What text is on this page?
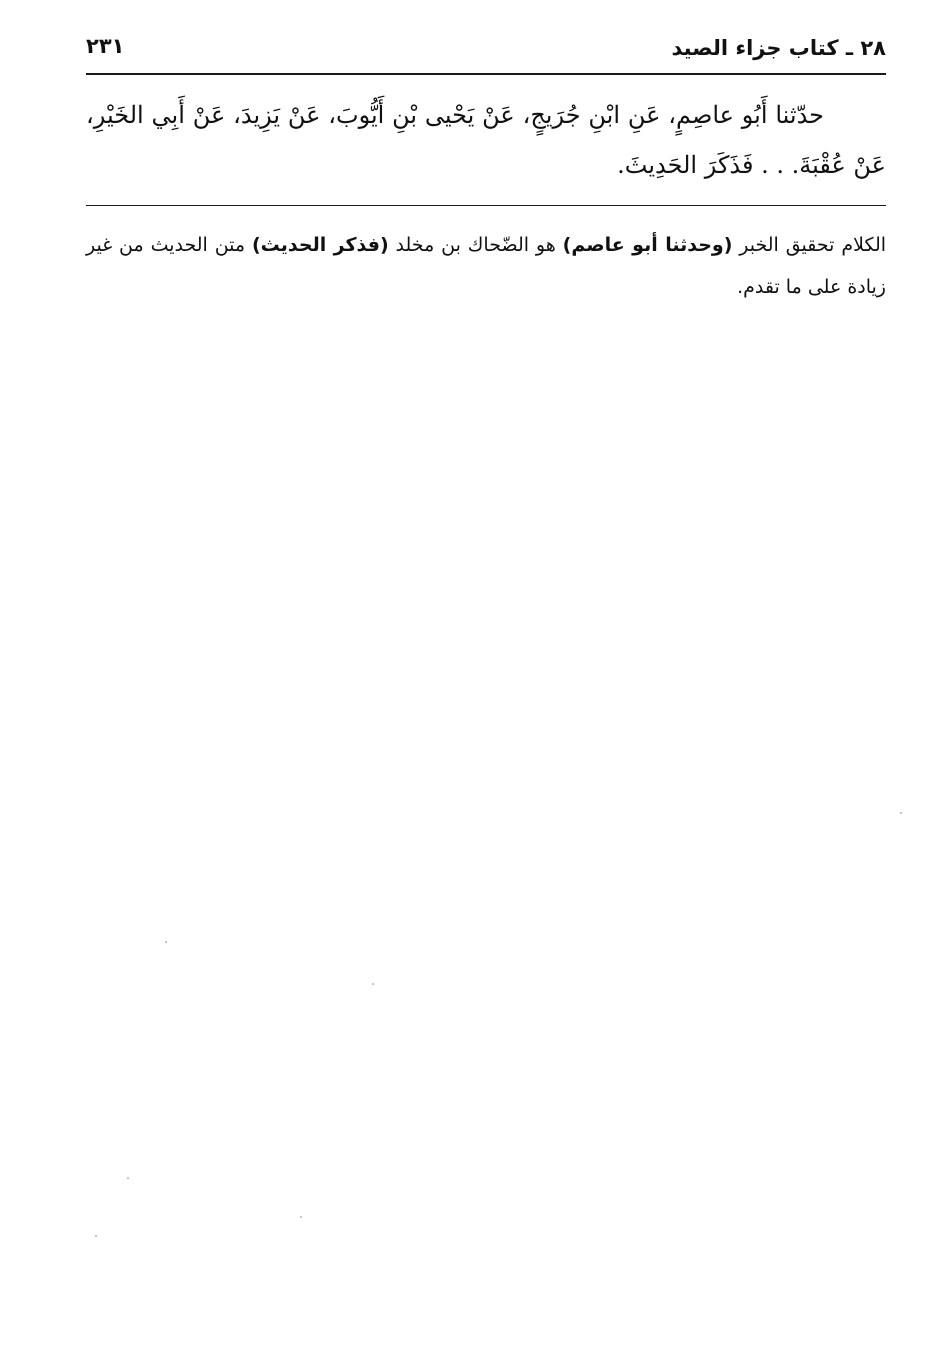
٢٨ ـ كتاب جزاء الصيد
٢٣١

حدّثنا أَبُو عاصِمٍ، عَنِ ابْنِ جُرَيجٍ، عَنْ يَحْيى بْنِ أَيُّوبَ، عَنْ يَزِيدَ، عَنْ أَبِي الخَيْرِ، عَنْ عُقْبَةَ. . . فَذَكَرَ الحَدِيثَ.

الكلام تحقيق الخبر (وحدثنا أبو عاصم) هو الضّحاك بن مخلد (فذكر الحديث) متن الحديث من غير زيادة على ما تقدم.
